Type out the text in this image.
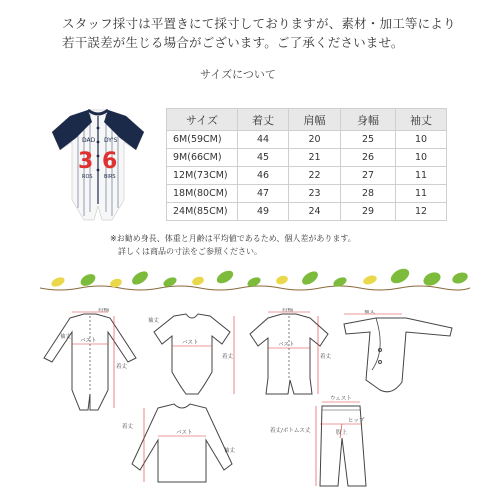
スタッフ採寸は平置きにて採寸しておりますが、素材・加工等により

若干誤差が生じる場合がございます。ご了承くださいませ。

サイズについて
DAD DY'S
3 6
ROS BIRS
サイズ	着丈	肩幅	身幅	袖丈
6M(59CM)	44	20	25	10
9M(66CM)	45	21	26	10
12M(73CM)	46	22	27	11
18M(80CM)	47	23	28	11
24M(85CM)	49	24	29	12

※お勧め身長、体重と月齢は平均値であるため、個人差があります。

詳しくは商品の寸法をご参照ください。

肩幅
バスト
袖丈
着丈
袖丈
バスト
着丈
肩幅
バスト
着丈
袖丈
バスト
着丈
袖丈
ウェスト
股上
ヒップ
着丈/ボトムス丈
